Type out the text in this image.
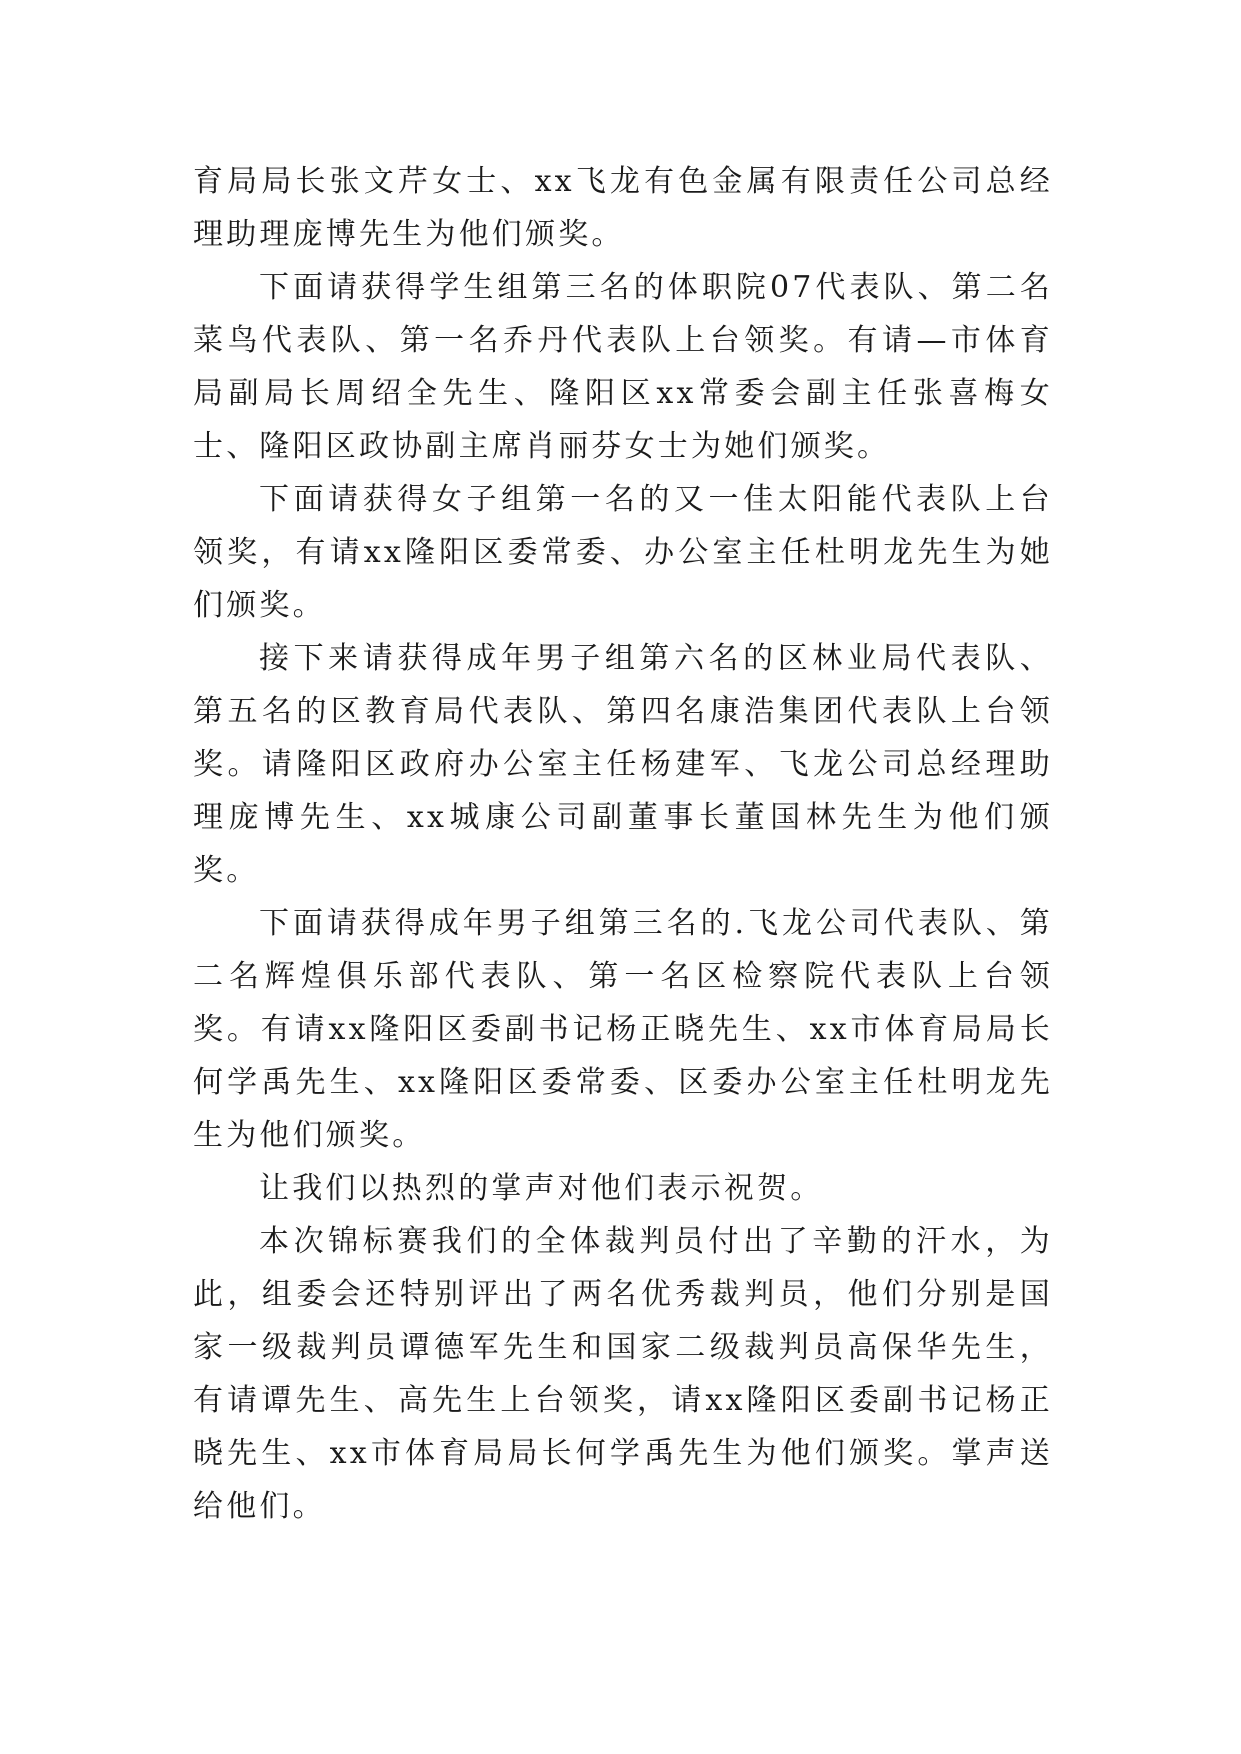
育局局长张文芹女士、xx飞龙有色金属有限责任公司总经理助理庞博先生为他们颁奖。

下面请获得学生组第三名的体职院07代表队、第二名菜鸟代表队、第一名乔丹代表队上台领奖。有请—市体育局副局长周绍全先生、隆阳区xx常委会副主任张喜梅女士、隆阳区政协副主席肖丽芬女士为她们颁奖。

下面请获得女子组第一名的又一佳太阳能代表队上台领奖，有请xx隆阳区委常委、办公室主任杜明龙先生为她们颁奖。

接下来请获得成年男子组第六名的区林业局代表队、第五名的区教育局代表队、第四名康浩集团代表队上台领奖。请隆阳区政府办公室主任杨建军、飞龙公司总经理助理庞博先生、xx城康公司副董事长董国林先生为他们颁奖。

下面请获得成年男子组第三名的.飞龙公司代表队、第二名辉煌俱乐部代表队、第一名区检察院代表队上台领奖。有请xx隆阳区委副书记杨正晓先生、xx市体育局局长何学禹先生、xx隆阳区委常委、区委办公室主任杜明龙先生为他们颁奖。

让我们以热烈的掌声对他们表示祝贺。

本次锦标赛我们的全体裁判员付出了辛勤的汗水，为此，组委会还特别评出了两名优秀裁判员，他们分别是国家一级裁判员谭德军先生和国家二级裁判员高保华先生，有请谭先生、高先生上台领奖，请xx隆阳区委副书记杨正晓先生、xx市体育局局长何学禹先生为他们颁奖。掌声送给他们。
